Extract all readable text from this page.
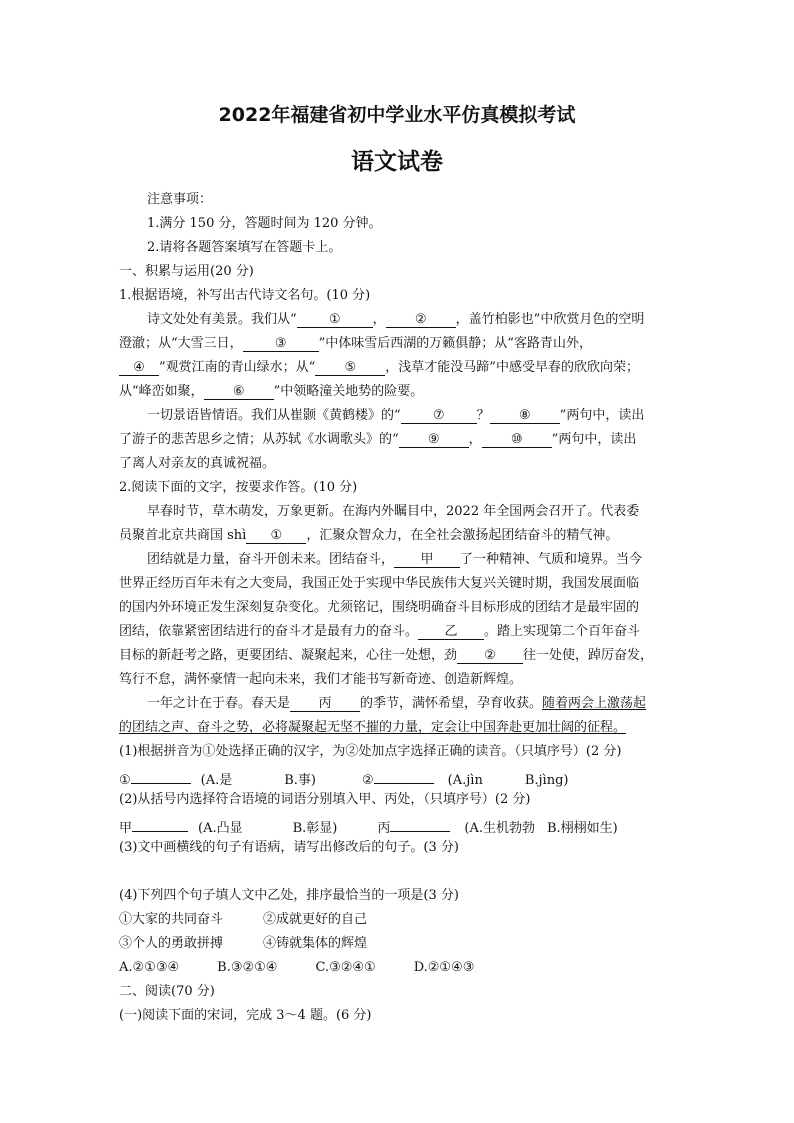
2022年福建省初中学业水平仿真模拟考试
语文试卷
注意事项：
1.满分 150 分，答题时间为 120 分钟。
2.请将各题答案填写在答题卡上。
一、积累与运用(20 分)
1.根据语境，补写出古代诗文名句。(10 分)
诗文处处有美景。我们从“ ① ， ② ，盖竹柏影也”中欣赏月色的空明
澄澈；从“大雪三日， ③ ”中体味雪后西湖的万籁俱静；从“客路青山外，
④ ”观赏江南的青山绿水；从“ ⑤ ，浅草才能没马蹄”中感受早春的欣欣向荣；
从“峰峦如聚， ⑥ ”中领略潼关地势的险要。
一切景语皆情语。我们从崔颢《黄鹤楼》的“ ⑦ ？ ⑧ ”两句中，读出
了游子的悲苦思乡之情；从苏轼《水调歌头》的“ ⑨ ， ⑩ ”两句中，读出
了离人对亲友的真诚祝福。
2.阅读下面的文字，按要求作答。(10 分)
早春时节，草木萌发，万象更新。在海内外瞩目中，2022 年全国两会召开了。代表委
员聚首北京共商国 shì ① ，汇聚众智众力，在全社会激扬起团结奋斗的精气神。
团结就是力量，奋斗开创未来。团结奋斗， 甲 了一种精神、气质和境界。当今
世界正经历百年未有之大变局，我国正处于实现中华民族伟大复兴关键时期，我国发展面临
的国内外环境正发生深刻复杂变化。尤须铭记，围绕明确奋斗目标形成的团结才是最牢固的
团结，依靠紧密团结进行的奋斗才是最有力的奋斗。 乙 。踏上实现第二个百年奋斗
目标的新赶考之路，更要团结、凝聚起来，心往一处想，劲 ② 往一处使，踔厉奋发，
笃行不怠，满怀豪情一起向未来，我们才能书写新奇迹、创造新辉煌。
一年之计在于春。春天是 丙 的季节，满怀希望，孕育收获。随着两会上激荡起
的团结之声、奋斗之势，必将凝聚起无坚不摧的力量，定会让中国奔赴更加壮阔的征程。
(1)根据拼音为①处选择正确的汉字，为②处加点字选择正确的读音。（只填序号）(2 分)
①	(A.是	B.事)	②	(A.jìn	B.jìng)
(2)从括号内选择符合语境的词语分别填入甲、丙处，（只填序号）(2 分)
甲	(A.凸显	B.彰显)	丙	(A.生机勃勃 B.栩栩如生)
(3)文中画横线的句子有语病，请写出修改后的句子。(3 分)
(4)下列四个句子填人文中乙处，排序最恰当的一项是(3 分)
①大家的共同奋斗	②成就更好的自己
③个人的勇敢拼搏	④铸就集体的辉煌
A.②①③④	B.③②①④	C.③②④①	D.②①④③
二、阅读(70 分)
(一)阅读下面的宋词，完成 3～4 题。(6 分)
